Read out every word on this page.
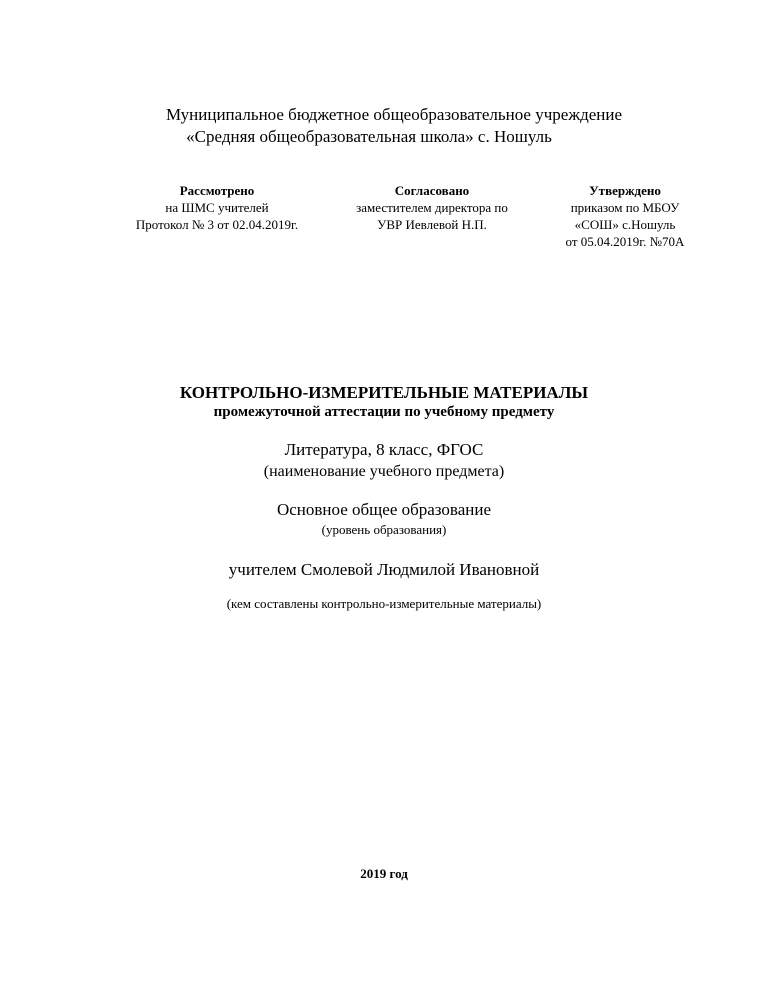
Муниципальное бюджетное общеобразовательное учреждение
«Средняя общеобразовательная школа» с. Ношуль
Рассмотрено
на ШМС учителей
Протокол № 3 от 02.04.2019г.
Согласовано
заместителем директора по
УВР Иевлевой Н.П.
Утверждено
приказом по МБОУ
«СОШ» с.Ношуль
от 05.04.2019г. №70А
КОНТРОЛЬНО-ИЗМЕРИТЕЛЬНЫЕ МАТЕРИАЛЫ
промежуточной аттестации по учебному предмету
Литература, 8 класс, ФГОС
(наименование учебного предмета)
Основное общее образование
(уровень образования)
учителем Смолевой Людмилой Ивановной
(кем составлены контрольно-измерительные материалы)
2019 год
